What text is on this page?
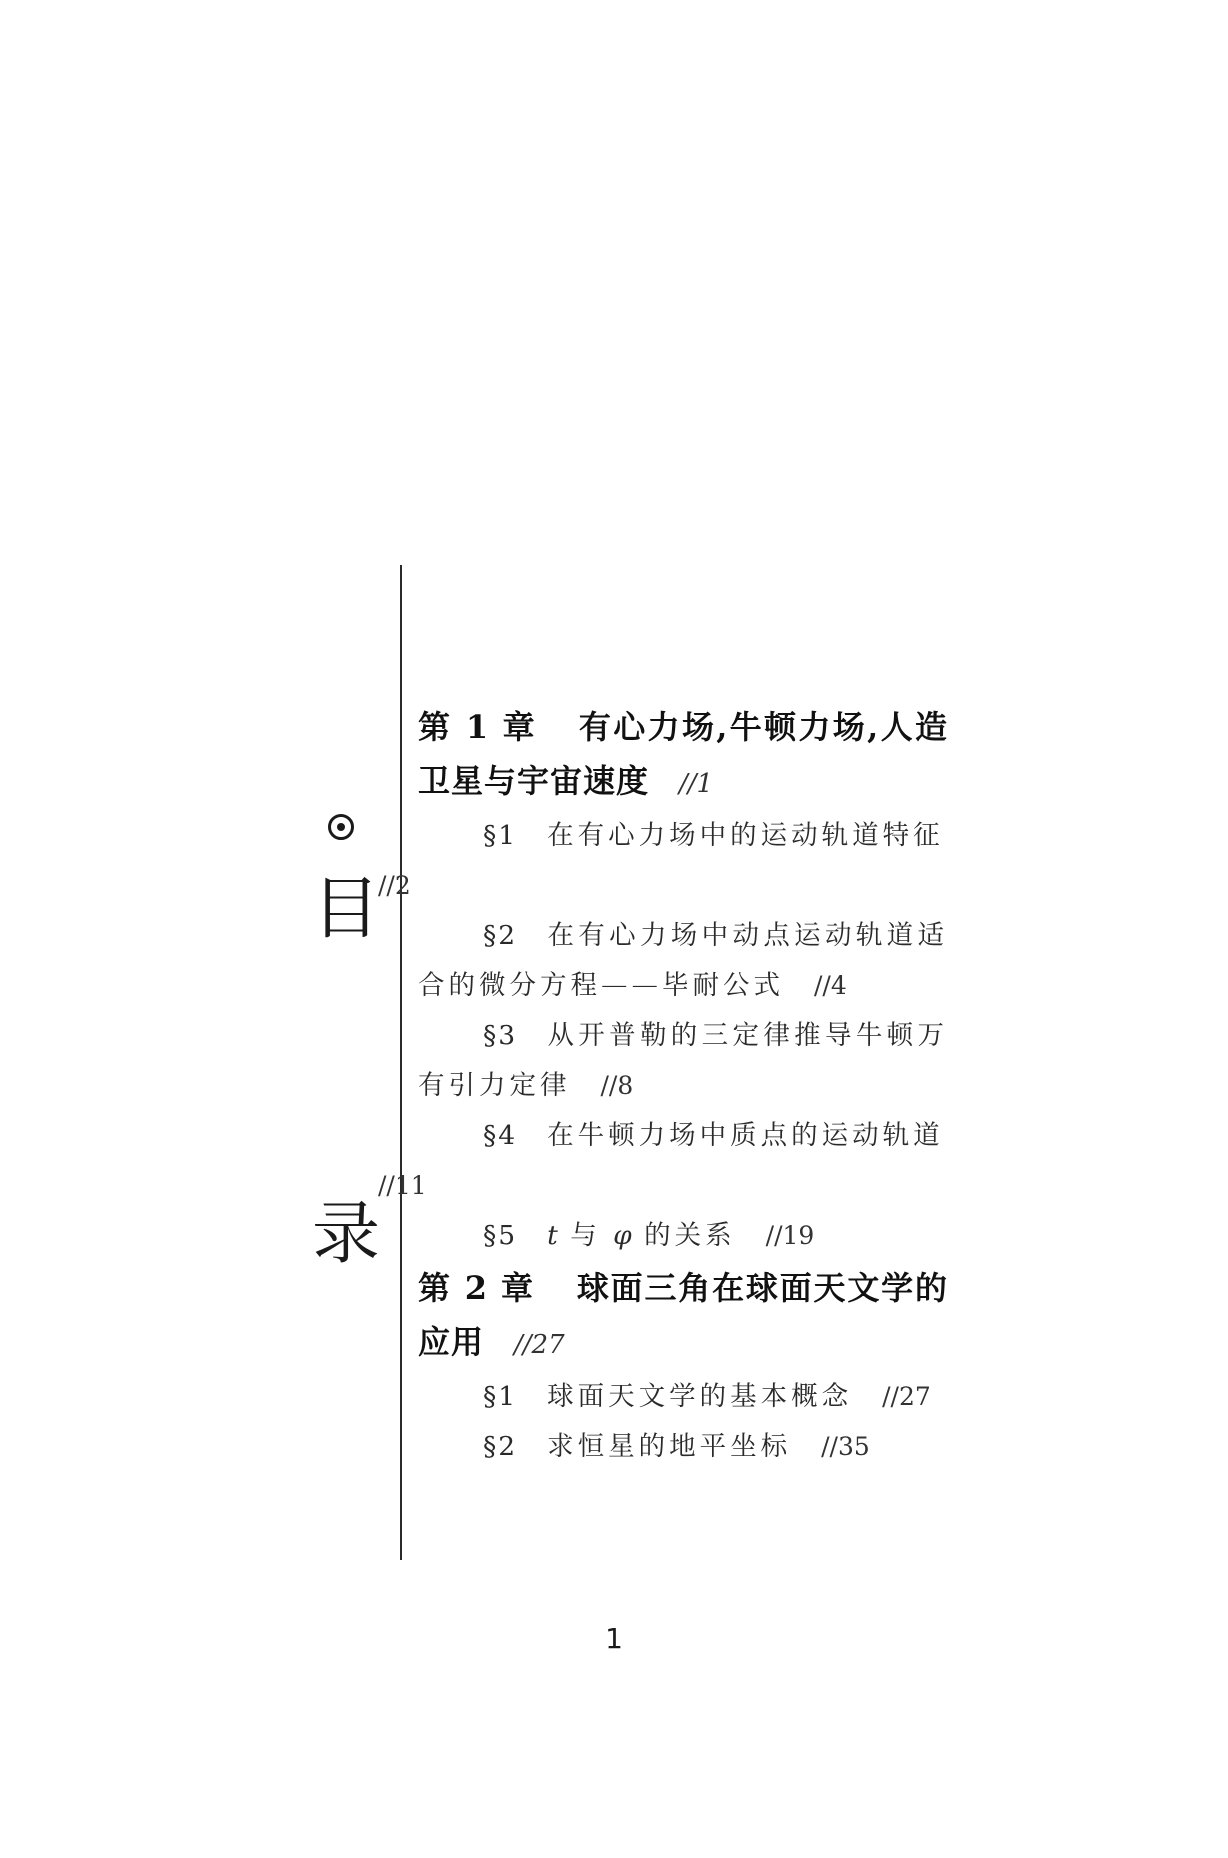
目
录
第 1 章 有心力场,牛顿力场,人造卫星与宇宙速度 //1
§1 在有心力场中的运动轨道特征
//2
§2 在有心力场中动点运动轨道适合的微分方程——毕耐公式 //4
§3 从开普勒的三定律推导牛顿万有引力定律 //8
§4 在牛顿力场中质点的运动轨道
//11
§5 t 与 φ 的关系 //19
第 2 章 球面三角在球面天文学的应用 //27
§1 球面天文学的基本概念 //27
§2 求恒星的地平坐标 //35
1
